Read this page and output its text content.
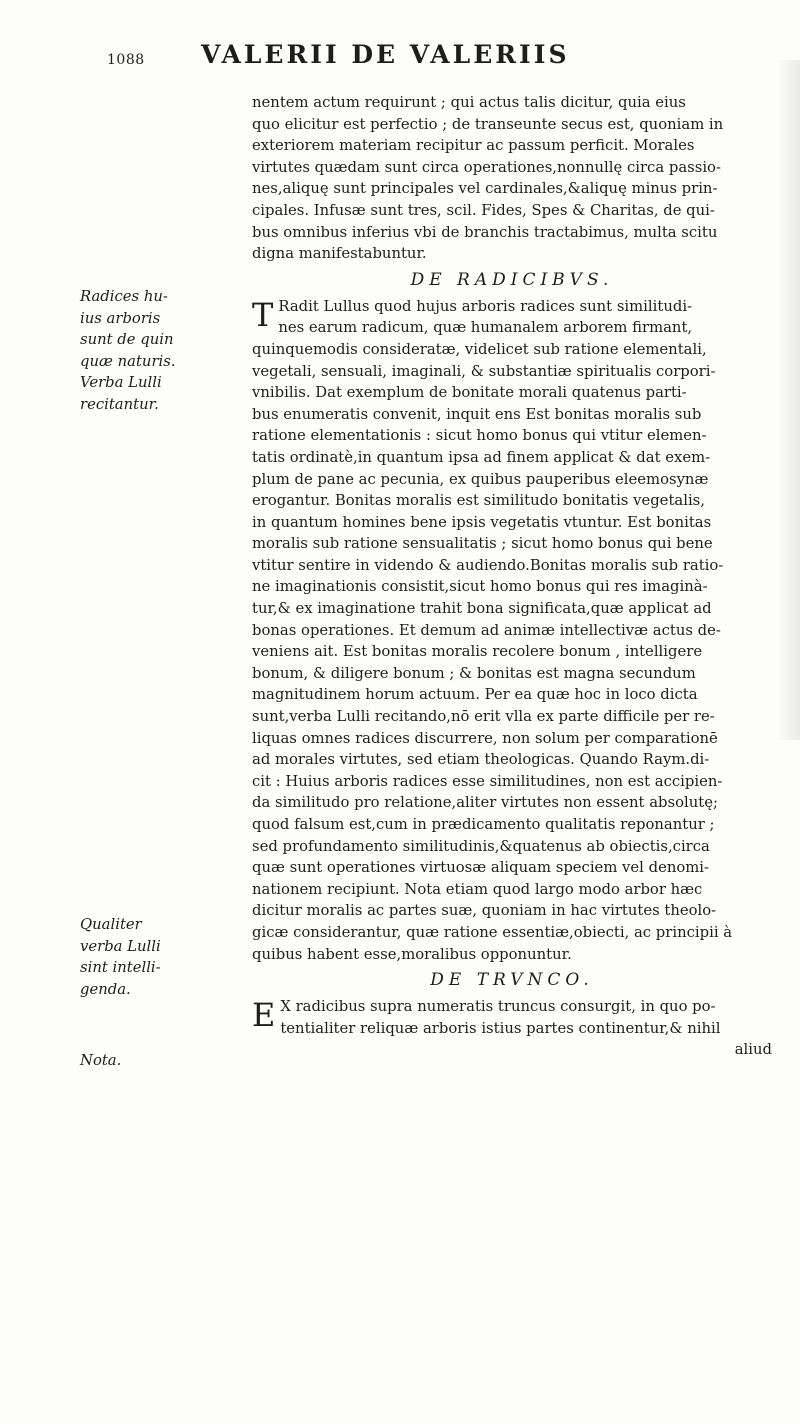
1088 VALERII DE VALERIIS
nentem actum requirunt ; qui actus talis dicitur, quia eius
quo elicitur est perfectio ; de transeunte secus est, quoniam in
exteriorem materiam recipitur ac passum perficit. Morales
virtutes quædam sunt circa operationes,nonnullę circa passio-
nes,aliquę sunt principales vel cardinales,&aliquę minus prin-
cipales. Infusæ sunt tres, scil. Fides, Spes & Charitas, de qui-
bus omnibus inferius vbi de branchis tractabimus, multa scitu
digna manifestabuntur.
DE RADICIBVS.
T Radit Lullus quod hujus arboris radices sunt similitudi-
nes earum radicum, quæ humanalem arborem firmant,
quinquemodis consideratæ, videlicet sub ratione elementali,
vegetali, sensuali, imaginali, & substantiæ spiritualis corpori-
vnibilis. Dat exemplum de bonitate morali quatenus parti-
bus enumeratis convenit, inquit ens Est bonitas moralis sub
ratione elementationis : sicut homo bonus qui vtitur elemen-
tatis ordinatè,in quantum ipsa ad finem applicat & dat exem-
plum de pane ac pecunia, ex quibus pauperibus eleemosynæ
erogantur. Bonitas moralis est similitudo bonitatis vegetalis,
in quantum homines bene ipsis vegetatis vtuntur. Est bonitas
moralis sub ratione sensualitatis ; sicut homo bonus qui bene
vtitur sentire in videndo & audiendo.Bonitas moralis sub ratio-
ne imaginationis consistit,sicut homo bonus qui res imaginà-
tur,& ex imaginatione trahit bona significata,quæ applicat ad
bonas operationes. Et demum ad animæ intellectivæ actus de-
veniens ait. Est bonitas moralis recolere bonum , intelligere
bonum, & diligere bonum ; & bonitas est magna secundum
magnitudinem horum actuum. Per ea quæ hoc in loco dicta
sunt,verba Lulli recitando,nō erit vlla ex parte difficile per re-
liquas omnes radices discurrere, non solum per comparationē
ad morales virtutes, sed etiam theologicas. Quando Raym.di-
cit : Huius arboris radices esse similitudines, non est accipien-
da similitudo pro relatione,aliter virtutes non essent absolutę;
quod falsum est,cum in prædicamento qualitatis reponantur ;
sed profundamento similitudinis,&quatenus ab obiectis,circa
quæ sunt operationes virtuosæ aliquam speciem vel denomi-
nationem recipiunt. Nota etiam quod largo modo arbor hæc
dicitur moralis ac partes suæ, quoniam in hac virtutes theolo-
gicæ considerantur, quæ ratione essentiæ,obiecti, ac principii à
quibus habent esse,moralibus opponuntur.
DE TRVNCO.
E X radicibus supra numeratis truncus consurgit, in quo po-
tentialiter reliquæ arboris istius partes continentur,& nihil
aliud
Radices hu-
ius arboris
sunt de quin
quæ naturis.
Verba Lulli
recitantur.
Qualiter
verba Lulli
sint intelli-
genda.
Nota.
